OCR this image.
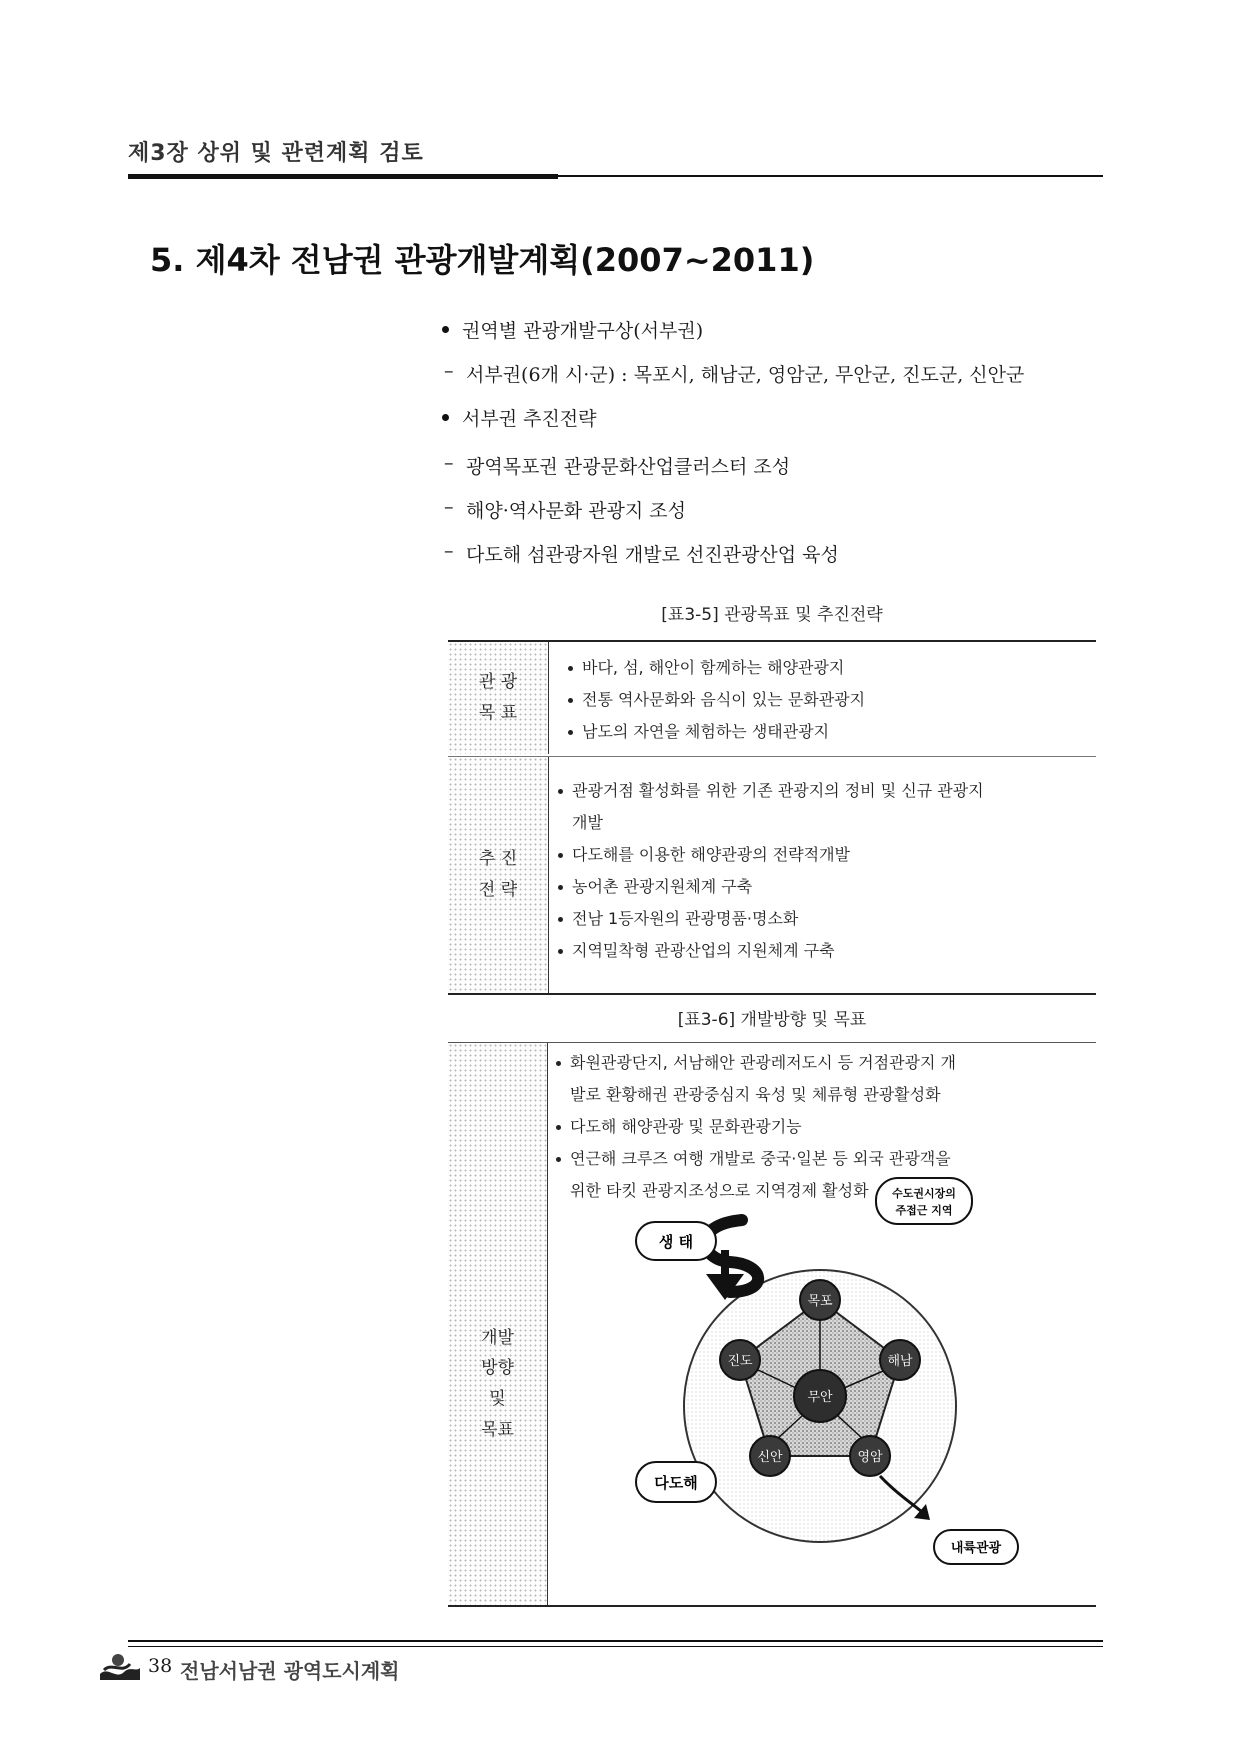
제3장 상위 및 관련계획 검토
5. 제4차 전남권 관광개발계획(2007~2011)
권역별 관광개발구상(서부권)
– 서부권(6개 시·군) : 목포시, 해남군, 영암군, 무안군, 진도군, 신안군
서부권 추진전략
– 광역목포권 관광문화산업클러스터 조성
– 해양·역사문화 관광지 조성
– 다도해 섬관광자원 개발로 선진관광산업 육성
[표3-5] 관광목표 및 추진전략
관 광
목 표
바다, 섬, 해안이 함께하는 해양관광지
전통 역사문화와 음식이 있는 문화관광지
남도의 자연을 체험하는 생태관광지
추 진
전 략
관광거점 활성화를 위한 기존 관광지의 정비 및 신규 관광지
개발
다도해를 이용한 해양관광의 전략적개발
농어촌 관광지원체계 구축
전남 1등자원의 관광명품·명소화
지역밀착형 관광산업의 지원체계 구축
[표3-6] 개발방향 및 목표
개발
방향
및
목표
화원관광단지, 서남해안 관광레저도시 등 거점관광지 개
발로 환황해권 관광중심지 육성 및 체류형 관광활성화
다도해 해양관광 및 문화관광기능
연근해 크루즈 여행 개발로 중국·일본 등 외국 관광객을
위한 타킷 관광지조성으로 지역경제 활성화
목포
진도	해남
신안	영암
무안
수도권시장의
주접근 지역
생 태
다도해
내륙관광
38 전남서남권 광역도시계획
